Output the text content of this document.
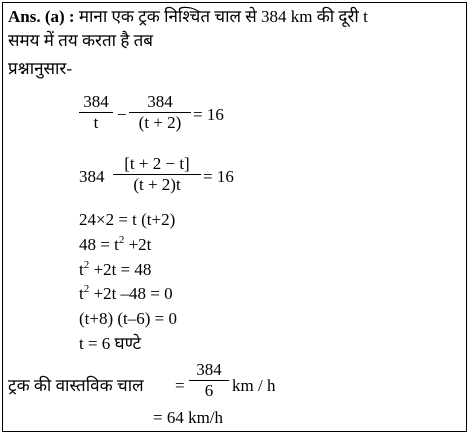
Ans. (a) : माना एक ट्रक निश्चित चाल से 384 km की दूरी t
समय में तय करता है तब
प्रश्नानुसार-
384
t	−
384
(t + 2) = 16
384
[t + 2 − t]
(t + 2)t	= 16
24×2 = t (t+2)
$48 = t^2 +2t$
$t^2 +2t = 48$
$t^2 +2t$ –48 = 0
(t+8) (t–6) = 0
t = 6 घण्टे
ट्रक की वास्तविक चाल =
384
6	km / h
= 64 km/h
